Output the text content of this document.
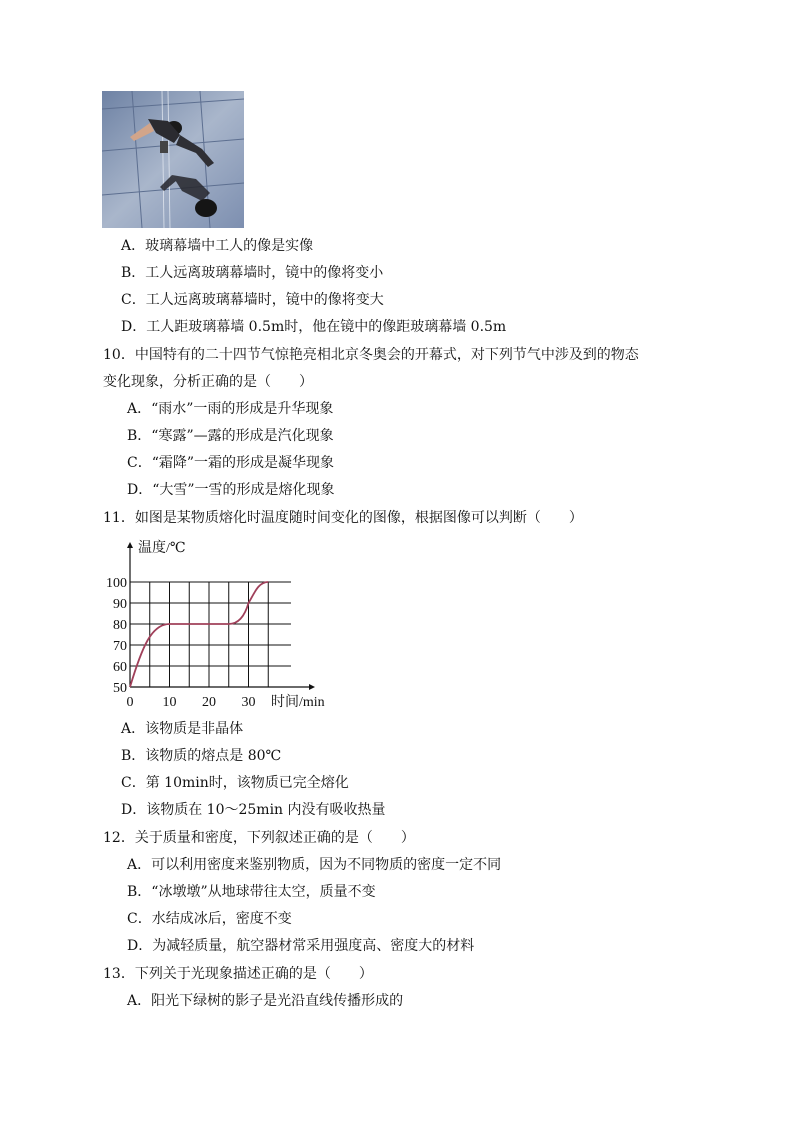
A．玻璃幕墙中工人的像是实像
B．工人远离玻璃幕墙时，镜中的像将变小
C．工人远离玻璃幕墙时，镜中的像将变大
D．工人距玻璃幕墙 0.5m时，他在镜中的像距玻璃幕墙 0.5m
10．中国特有的二十四节气惊艳亮相北京冬奥会的开幕式，对下列节气中涉及到的物态
变化现象，分析正确的是（　　）
A．“雨水”一雨的形成是升华现象
B．“寒露”—露的形成是汽化现象
C．“霜降”一霜的形成是凝华现象
D．“大雪”一雪的形成是熔化现象
11．如图是某物质熔化时温度随时间变化的图像，根据图像可以判断（　　）
50
60
70
80
90
100
0 10 20 30
温度/℃
时间/min
A．该物质是非晶体
B．该物质的熔点是 80℃
C．第 10min时，该物质已完全熔化
D．该物质在 10～25min 内没有吸收热量
12．关于质量和密度，下列叙述正确的是（　　）
A．可以利用密度来鉴别物质，因为不同物质的密度一定不同
B．“冰墩墩”从地球带往太空，质量不变
C．水结成冰后，密度不变
D．为减轻质量，航空器材常采用强度高、密度大的材料
13．下列关于光现象描述正确的是（　　）
A．阳光下绿树的影子是光沿直线传播形成的
